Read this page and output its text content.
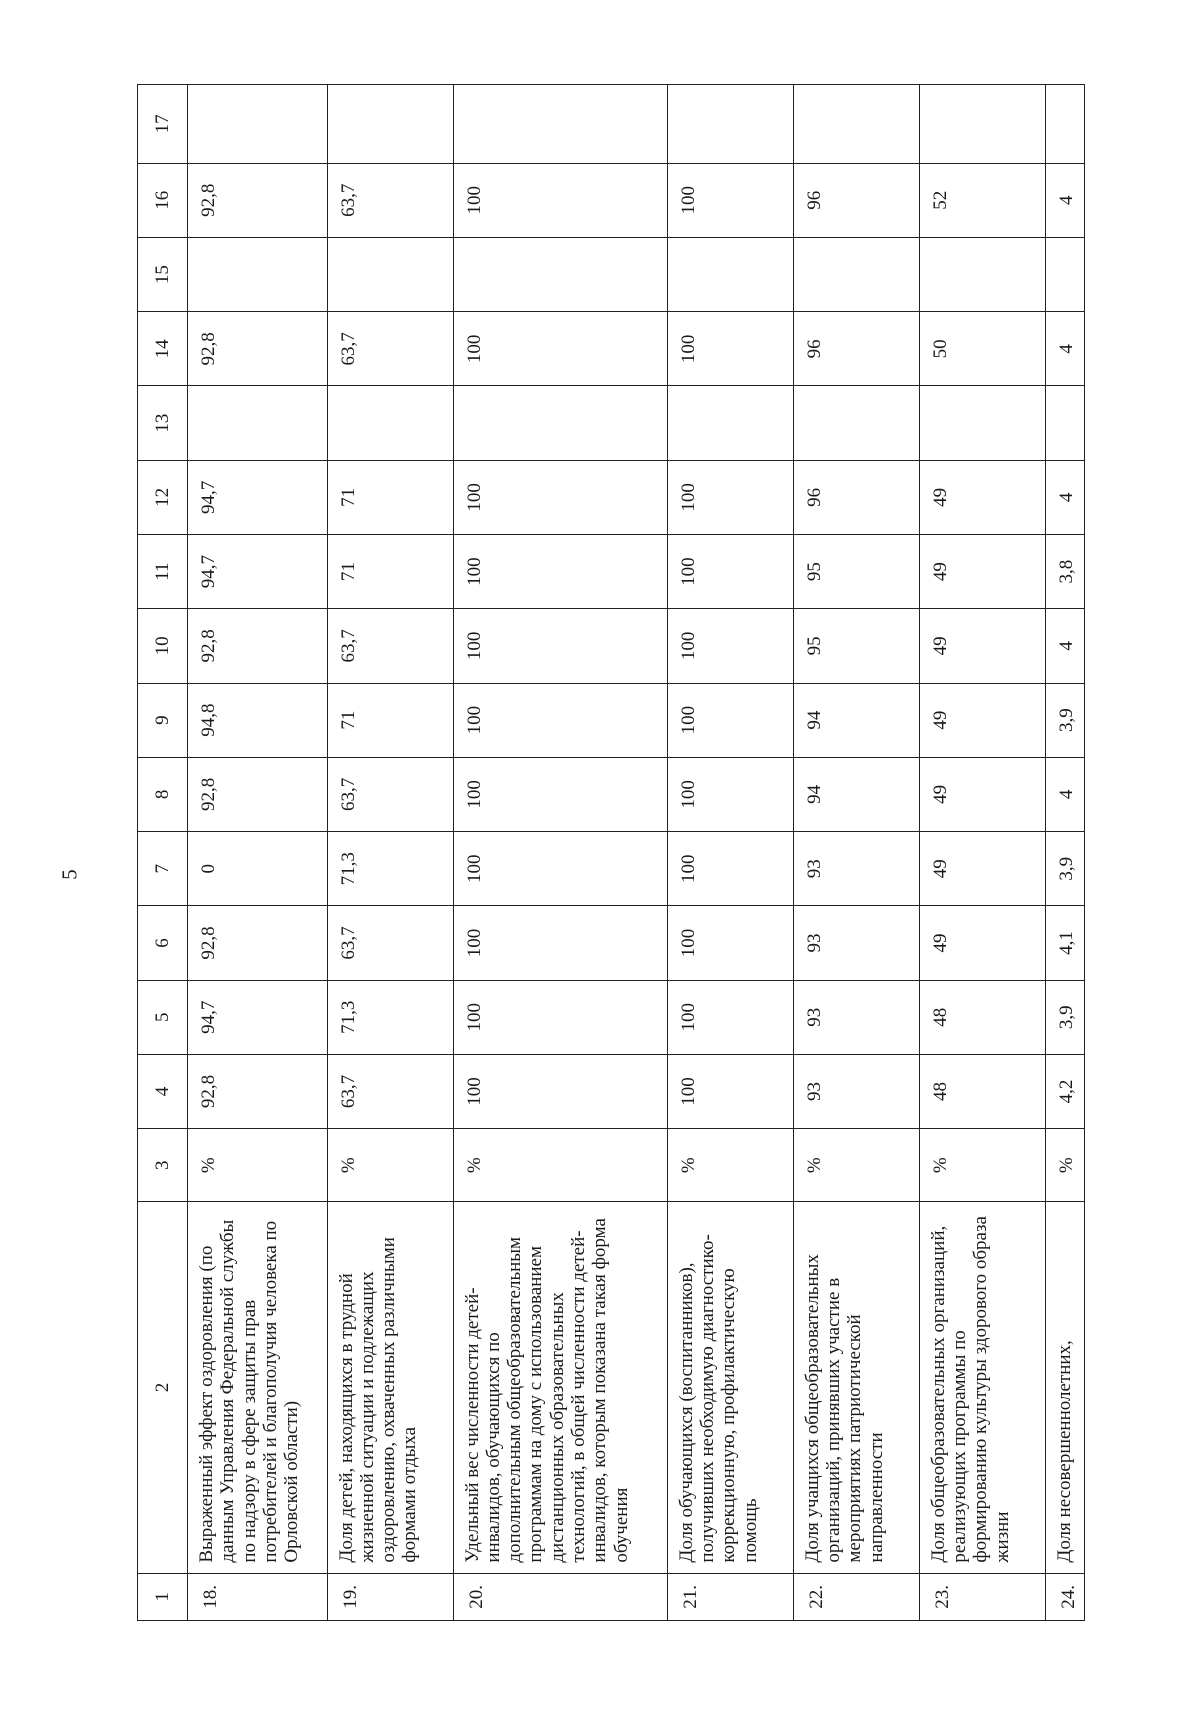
5
1	2	3	4	5	6	7	8	9	10	11	12	13	14	15	16	17
18.	Выраженный эффект оздоровления (по данным Управления Федеральной службы по надзору в сфере защиты прав потребителей и благополучия человека по Орловской области)	%	92,8	94,7	92,8	0	92,8	94,8	92,8	94,7	94,7		92,8		92,8	
19.	Доля детей, находящихся в трудной жизненной ситуации и подлежащих оздоровлению, охваченных различными формами отдыха	%	63,7	71,3	63,7	71,3	63,7	71	63,7	71	71		63,7		63,7	
20.	Удельный вес численности детей-инвалидов, обучающихся по дополнительным общеобразовательным программам на дому с использованием дистанционных образовательных технологий, в общей численности детей-инвалидов, которым показана такая форма обучения	%	100	100	100	100	100	100	100	100	100		100		100	
21.	Доля обучающихся (воспитанников), получивших необходимую диагностико-коррекционную, профилактическую помощь	%	100	100	100	100	100	100	100	100	100		100		100	
22.	Доля учащихся общеобразовательных организаций, принявших участие в мероприятиях патриотической направленности	%	93	93	93	93	94	94	95	95	96		96		96	
23.	Доля общеобразовательных организаций, реализующих программы по формированию культуры здорового образа жизни	%	48	48	49	49	49	49	49	49	49		50		52	
24.	Доля несовершеннолетних,	%	4,2	3,9	4,1	3,9	4	3,9	4	3,8	4		4		4	
